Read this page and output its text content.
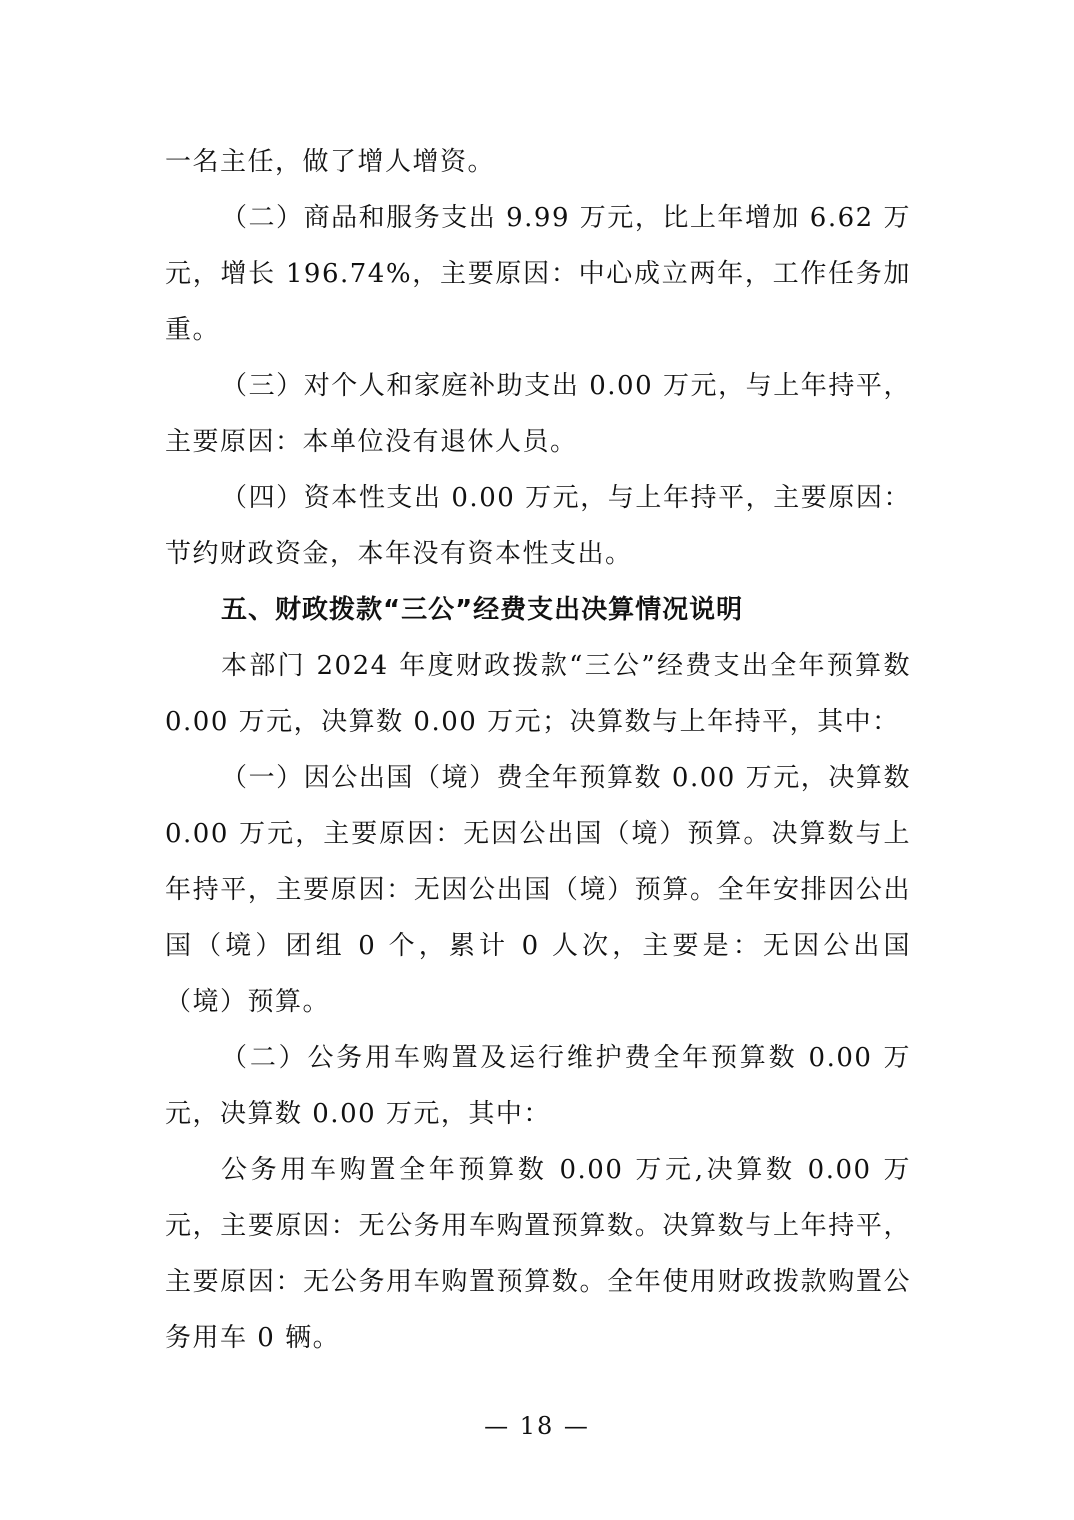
一名主任，做了增人增资。

（二）商品和服务支出 9.99 万元，比上年增加 6.62 万元，增长 196.74%，主要原因：中心成立两年，工作任务加重。

（三）对个人和家庭补助支出 0.00 万元，与上年持平，主要原因：本单位没有退休人员。

（四）资本性支出 0.00 万元，与上年持平，主要原因：节约财政资金，本年没有资本性支出。

五、财政拨款“三公”经费支出决算情况说明

本部门 2024 年度财政拨款“三公”经费支出全年预算数 0.00 万元，决算数 0.00 万元；决算数与上年持平，其中：

（一）因公出国（境）费全年预算数 0.00 万元，决算数 0.00 万元，主要原因：无因公出国（境）预算。决算数与上年持平，主要原因：无因公出国（境）预算。全年安排因公出国（境）团组 0 个，累计 0 人次，主要是：无因公出国（境）预算。

（二）公务用车购置及运行维护费全年预算数 0.00 万元，决算数 0.00 万元，其中：

公务用车购置全年预算数 0.00 万元,决算数 0.00 万元，主要原因：无公务用车购置预算数。决算数与上年持平，主要原因：无公务用车购置预算数。全年使用财政拨款购置公务用车 0 辆。

— 18 —
